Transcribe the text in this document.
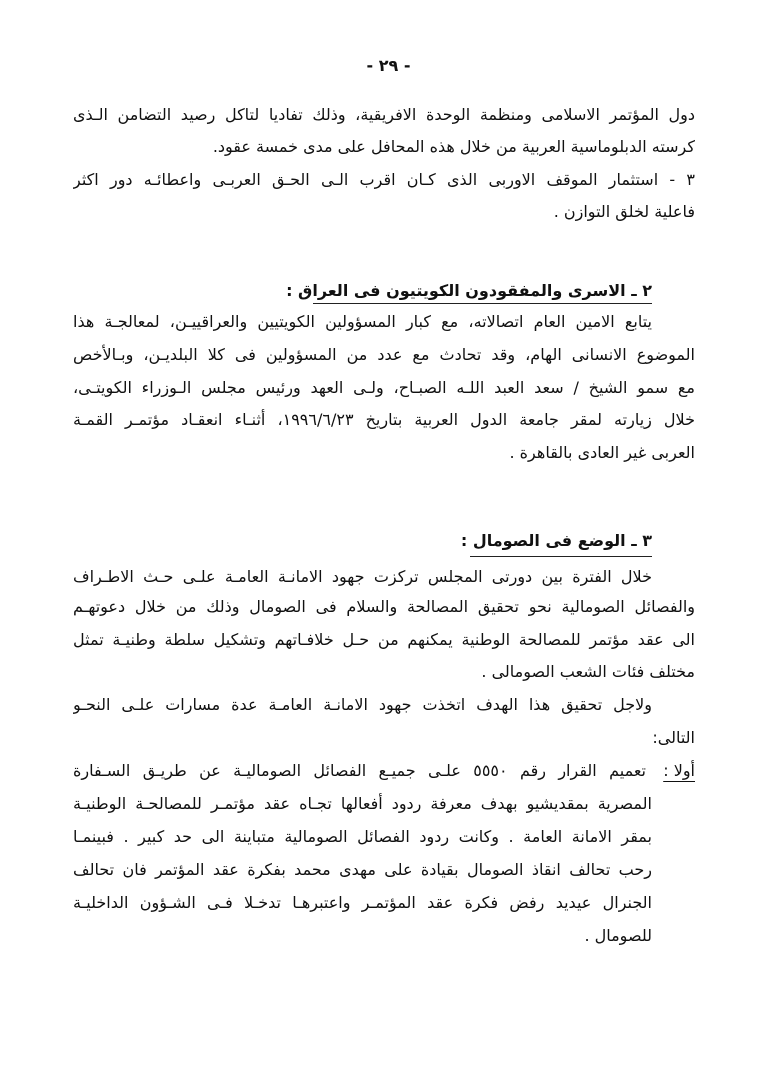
- ٢٩ -
دول المؤتمر الاسلامى ومنظمة الوحدة الافريقية، وذلك تفاديا لتاكل رصيد التضامن الـذى
كرسته الدبلوماسية العربية من خلال هذه المحافل على مدى خمسة عقود.
٣ - استثمار الموقف الاوربى الذى كـان اقرب الـى الحـق العربـى واعطائـه دور اكثر
فاعلية لخلق التوازن .
٢ ـ الاسرى والمفقودون الكويتيون فى العراق :
يتابع الامين العام اتصالاته، مع كبار المسؤولين الكويتيين والعراقييـن، لمعالجـة هذا
الموضوع الانسانى الهام، وقد تحادث مع عدد من المسؤولين فى كلا البلديـن، وبـالأخص
مع سمو الشيخ / سعد العبد اللـه الصبـاح، ولـى العهد ورئيس مجلس الـوزراء الكويتـى،
خلال زيارته لمقر جامعة الدول العربية بتاريخ ١٩٩٦/٦/٢٣، أثنـاء انعقـاد مؤتمـر القمـة
العربى غير العادى بالقاهرة .
٣ ـ الوضع فى الصومال :
خلال الفترة بين دورتى المجلس تركزت جهود الامانـة العامـة علـى حـث الاطـراف
والفصائل الصومالية نحو تحقيق المصالحة والسلام فى الصومال وذلك من خلال دعوتهـم
الى عقد مؤتمر للمصالحة الوطنية يمكنهم من حـل خلافـاتهم وتشكيل سلطة وطنيـة تمثل
مختلف فئات الشعب الصومالى .
ولاجل تحقيق هذا الهدف اتخذت جهود الامانـة العامـة عدة مسارات علـى النحـو
التالى:
أولا :
تعميم القرار رقم ٥٥٥٠ علـى جميـع الفصائل الصوماليـة عن طريـق السـفارة
المصرية بمقديشيو بهدف معرفة ردود أفعالها تجـاه عقد مؤتمـر للمصالحـة الوطنيـة
بمقر الامانة العامة . وكانت ردود الفصائل الصومالية متباينة الى حد كبير . فبينمـا
رحب تحالف انقاذ الصومال بقيادة على مهدى محمد بفكرة عقد المؤتمر فان تحالف
الجنرال عيديد رفض فكرة عقد المؤتمـر واعتبرهـا تدخـلا فـى الشـؤون الداخليـة
للصومال .
